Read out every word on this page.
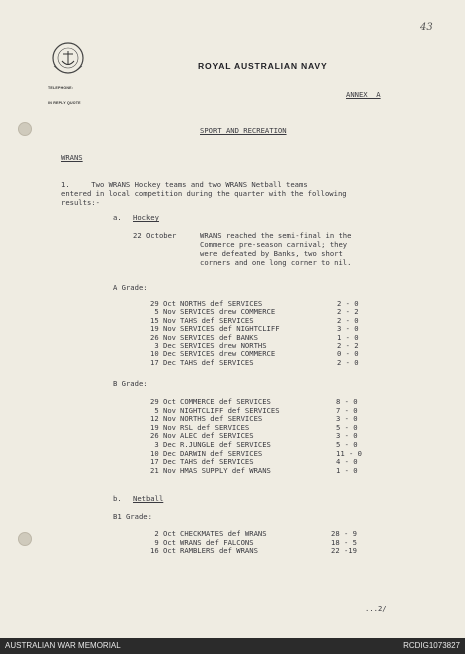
43
TELEPHONE:
IN REPLY QUOTE
ROYAL AUSTRALIAN NAVY
ANNEX  A
SPORT AND RECREATION
WRANS
1.     Two WRANS Hockey teams and two WRANS Netball teams
entered in local competition during the quarter with the following
results:-
a. Hockey
22 October	WRANS reached the semi-final in the
Commerce pre-season carnival; they
were defeated by Banks, two short
corners and one long corner to nil.
A Grade:
29 Oct NORTHS def SERVICES	2 - 0
5 Nov SERVICES drew COMMERCE	2 - 2
15 Nov TAHS def SERVICES	2 - 0
19 Nov SERVICES def NIGHTCLIFF	3 - 0
26 Nov SERVICES def BANKS	1 - 0
3 Dec SERVICES drew NORTHS	2 - 2
10 Dec SERVICES drew COMMERCE	0 - 0
17 Dec TAHS def SERVICES	2 - 0
B Grade:
29 Oct COMMERCE def SERVICES	8 - 0
5 Nov NIGHTCLIFF def SERVICES	7 - 0
12 Nov NORTHS def SERVICES	3 - 0
19 Nov RSL def SERVICES	5 - 0
26 Nov ALEC def SERVICES	3 - 0
3 Dec R.JUNGLE def SERVICES	5 - 0
10 Dec DARWIN def SERVICES	11 - 0
17 Dec TAHS def SERVICES	4 - 0
21 Nov HMAS SUPPLY def WRANS	1 - 0
b. Netball
B1 Grade:
2 Oct CHECKMATES def WRANS	28 - 9
9 Oct WRANS def FALCONS	18 - 5
16 Oct RAMBLERS def WRANS	22 -19
...2/
AUSTRALIAN WAR MEMORIAL	RCDIG1073827
